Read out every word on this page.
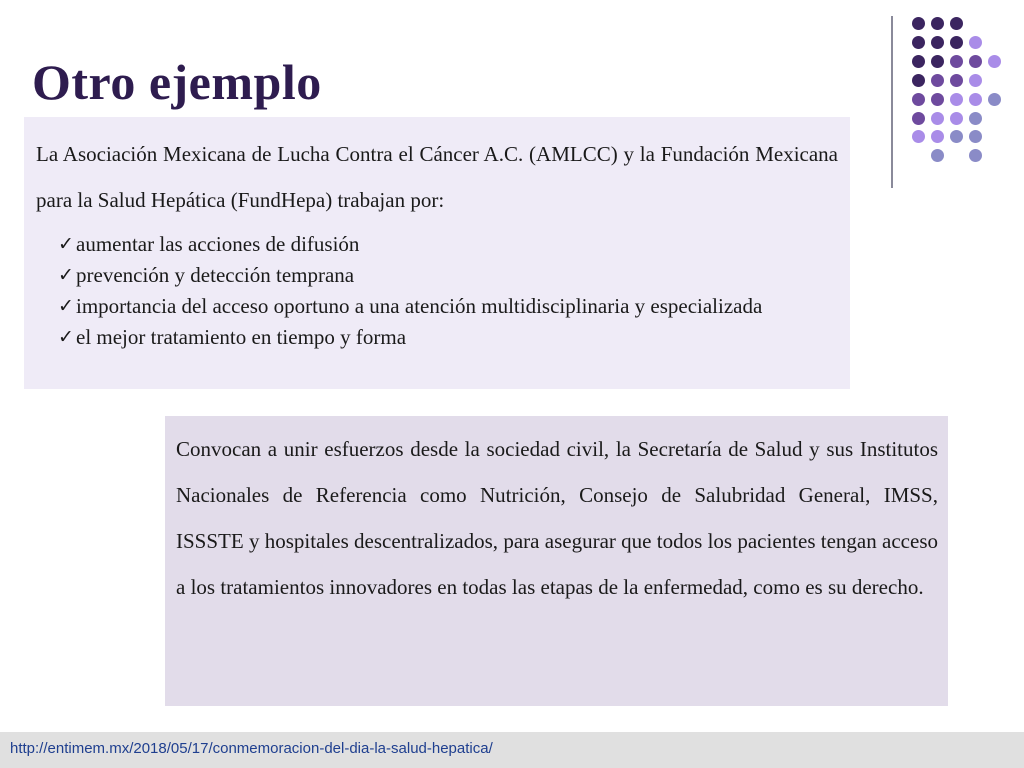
Otro ejemplo

La Asociación Mexicana de Lucha Contra el Cáncer A.C. (AMLCC) y la Fundación Mexicana para la Salud Hepática (FundHepa) trabajan por:

✓ aumentar las acciones de difusión
✓ prevención y detección temprana
✓ importancia del acceso oportuno a una atención multidisciplinaria y especializada
✓ el mejor tratamiento en tiempo y forma

Convocan a unir esfuerzos desde la sociedad civil, la Secretaría de Salud y sus Institutos Nacionales de Referencia como Nutrición, Consejo de Salubridad General, IMSS, ISSSTE y hospitales descentralizados, para asegurar que todos los pacientes tengan acceso a los tratamientos innovadores en todas las etapas de la enfermedad, como es su derecho.

http://entimem.mx/2018/05/17/conmemoracion-del-dia-la-salud-hepatica/
